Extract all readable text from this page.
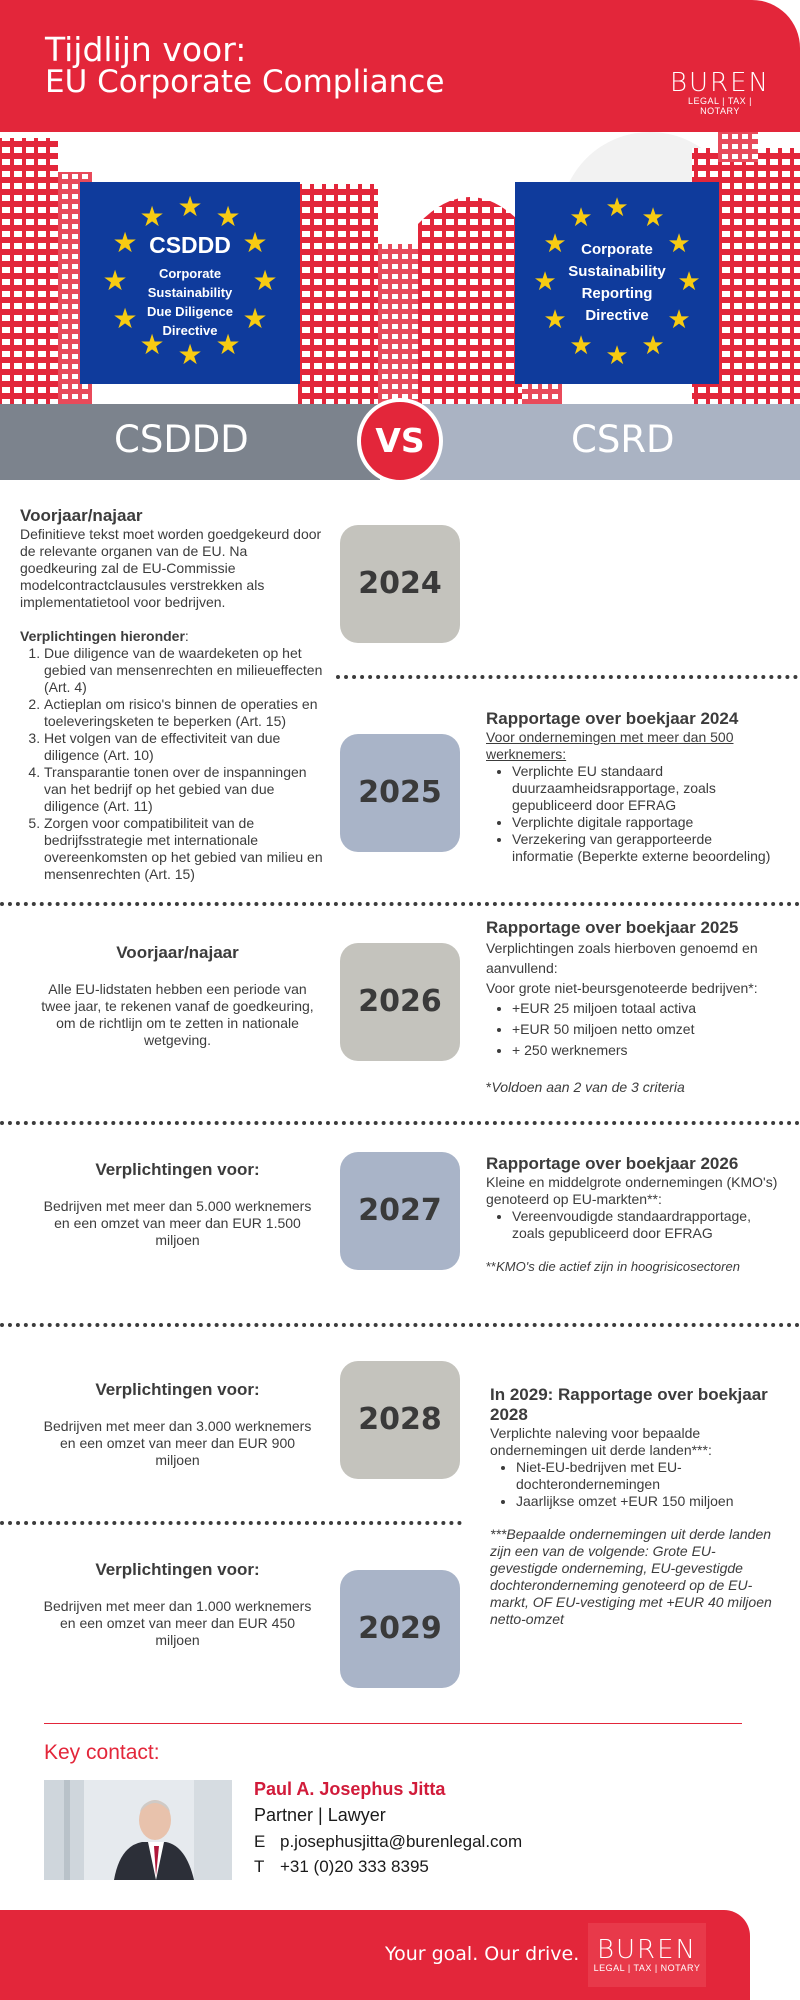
Tijdlijn voor:
EU Corporate Compliance	BUREN
LEGAL | TAX | NOTARY
★ ★
★
★
★
★
★
★
★
★
★
★
CSDDD
Corporate
Sustainability
Due Diligence
Directive
★ ★
★
★
★
★
★
★
★
★
★
★
Corporate
Sustainability
Reporting
Directive
CSDDD	CSRD
VS
2024
2025
2026
2027
2028
2029
Voorjaar/najaar
Definitieve tekst moet worden goedgekeurd door de relevante organen van de EU. Na goedkeuring zal de EU-Commissie modelcontractclausules verstrekken als implementatietool voor bedrijven.
Verplichtingen hieronder:
1. Due diligence van de waardeketen op het gebied van mensenrechten en milieueffecten (Art. 4)
2. Actieplan om risico's binnen de operaties en toeleveringsketen te beperken (Art. 15)
3. Het volgen van de effectiviteit van due diligence (Art. 10)
4. Transparantie tonen over de inspanningen van het bedrijf op het gebied van due diligence (Art. 11)
5. Zorgen voor compatibiliteit van de bedrijfsstrategie met internationale overeenkomsten op het gebied van milieu en mensenrechten (Art. 15)
Rapportage over boekjaar 2024
Voor ondernemingen met meer dan 500 werknemers:
• Verplichte EU standaard duurzaamheidsrapportage, zoals gepubliceerd door EFRAG
• Verplichte digitale rapportage
• Verzekering van gerapporteerde informatie (Beperkte externe beoordeling)
Voorjaar/najaar
Alle EU-lidstaten hebben een periode van twee jaar, te rekenen vanaf de goedkeuring, om de richtlijn om te zetten in nationale wetgeving.
Rapportage over boekjaar 2025
Verplichtingen zoals hierboven genoemd en aanvullend:
Voor grote niet-beursgenoteerde bedrijven*:
• +EUR 25 miljoen totaal activa
• +EUR 50 miljoen netto omzet
• + 250 werknemers
*Voldoen aan 2 van de 3 criteria
Verplichtingen voor:
Bedrijven met meer dan 5.000 werknemers en een omzet van meer dan EUR 1.500 miljoen
Rapportage over boekjaar 2026
Kleine en middelgrote ondernemingen (KMO's) genoteerd op EU-markten**:
• Vereenvoudigde standaardrapportage, zoals gepubliceerd door EFRAG
**KMO's die actief zijn in hoogrisicosectoren
Verplichtingen voor:
Bedrijven met meer dan 3.000 werknemers en een omzet van meer dan EUR 900 miljoen
In 2029: Rapportage over boekjaar 2028
Verplichte naleving voor bepaalde ondernemingen uit derde landen***:
• Niet-EU-bedrijven met EU-dochterondernemingen
• Jaarlijkse omzet +EUR 150 miljoen
***Bepaalde ondernemingen uit derde landen zijn een van de volgende: Grote EU-gevestigde onderneming, EU-gevestigde dochteronderneming genoteerd op de EU-markt, OF EU-vestiging met +EUR 40 miljoen netto-omzet
Verplichtingen voor:
Bedrijven met meer dan 1.000 werknemers en een omzet van meer dan EUR 450 miljoen
Key contact:
Paul A. Josephus Jitta
Partner | Lawyer
E p.josephusjitta@burenlegal.com
T +31 (0)20 333 8395
Your goal. Our drive. BUREN
LEGAL | TAX | NOTARY
